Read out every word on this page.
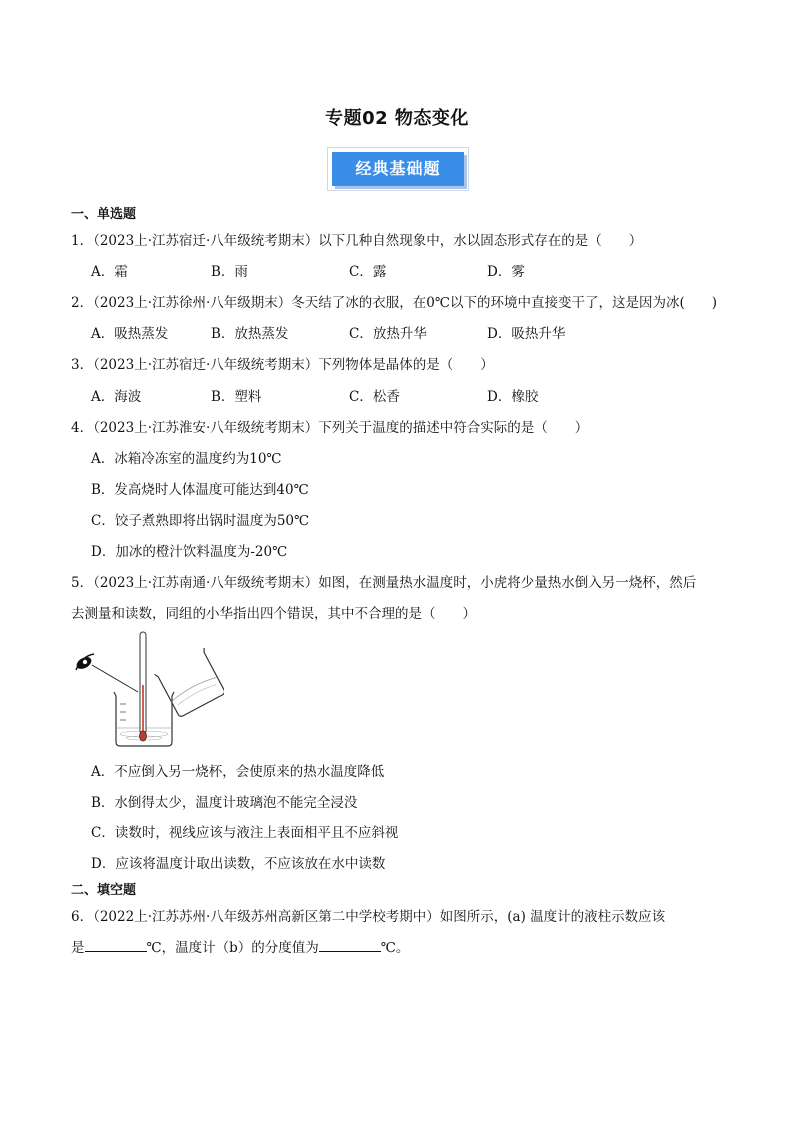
专题02 物态变化
经典基础题
一、单选题
1．（2023上·江苏宿迁·八年级统考期末）以下几种自然现象中，水以固态形式存在的是（　　）
A．霜	B．雨	C．露	D．雾
2．（2023上·江苏徐州·八年级期末）冬天结了冰的衣服，在0℃以下的环境中直接变干了，这是因为冰(　　)
A．吸热蒸发	B．放热蒸发	C．放热升华	D．吸热升华
3．（2023上·江苏宿迁·八年级统考期末）下列物体是晶体的是（　　）
A．海波	B．塑料	C．松香	D．橡胶
4．（2023上·江苏淮安·八年级统考期末）下列关于温度的描述中符合实际的是（　　）
A．冰箱冷冻室的温度约为10℃
B．发高烧时人体温度可能达到40℃
C．饺子煮熟即将出锅时温度为50℃
D．加冰的橙汁饮料温度为-20℃
5．（2023上·江苏南通·八年级统考期末）如图，在测量热水温度时，小虎将少量热水倒入另一烧杯，然后
去测量和读数，同组的小华指出四个错误，其中不合理的是（　　）
A．不应倒入另一烧杯，会使原来的热水温度降低
B．水倒得太少，温度计玻璃泡不能完全浸没
C．读数时，视线应该与液注上表面相平且不应斜视
D．应该将温度计取出读数，不应该放在水中读数
二、填空题
6．（2022上·江苏苏州·八年级苏州高新区第二中学校考期中）如图所示，(a) 温度计的液柱示数应该
是	℃，温度计（b）的分度值为	℃。
